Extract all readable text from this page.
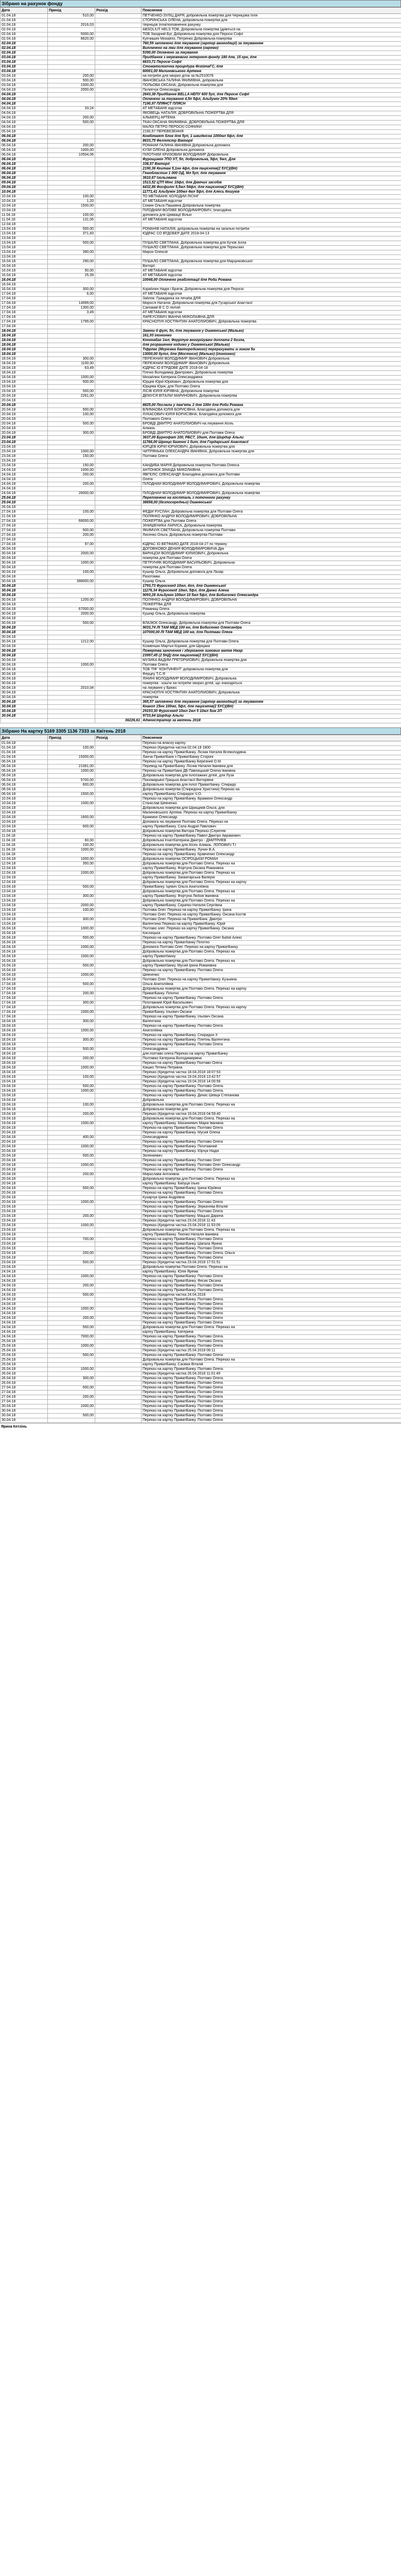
Зібрано на рахунок фонду
Дата	Прихід	Розхід	Пояснення
01.04.18	510,00		ПЕТЧЕНКО-ЗУЛІЦ ДАРЯ, добровільна пожертва для Черніцова Ілля
01.04.18			СТОРИНСЬКА ОЛЕНА, добровільна пожертва для
02.04.18	2016,03		Черніцов Ілля/поповнення рахунку
02.04.18			ABSOLIUT HELS ТОВ, Добровільна пожертва (дивіться на
02.04.18	5000,00		ТОВ Західний Буг, Добровільна пожертва для Пероскі Софії
02.04.18	8620,00		Купчишин Михайло, Петренко Добровільна пожертва
02.04.18			760,59 заплачено для лікування (зартор акомодації) за лікуванням
02.04.18			Виплачено на ліки для лікування (окремо)
02.04.18			5390,00 Оплачено за лікування
03.04.18			Придбання з мережевого інтернет-фонду 180 для, 15 грн, для
03.04.18			6633,71 Пероскі Софії
03.04.18			Стоматологічна процедура ФізійтаГС, для
03.04.18			60001,00 Малинівського Артема
03.04.18	200,00		на потреби для хворих діток за №2510078
03.04.18	500,00		ІВАНОВСЬКА ГАЛИНА ЯКИМІВНА, добровільна
03.04.18	1000,00		ПОЛЬОВА ОКСАНА, Добровільна пожертва для
04.04.18	2000,00		Пилипчук Олександра
04.04.18			2643,38 Придбання BELLA НЕПУ 600 5уп, для Пероскі Софії
04.04.18			Оплачено за лікування 4,5п 5фл, Альбумін 20% 50мл
04.04.18			7190,97 ПЛЯНСТ ПЛЯСН
04.04.18	33,24		АТ МЕТАБАНК відсотки
04.04.18			ЯКОВЕЦЬ НАТАЛІЯ, ДОБРОВІЛЬНА ПОЖЕРТВА ДЛЯ
04.04.18	200,00		АЛЬБЕРЦ АРТЕМА
04.04.18	500,00		ТКАЧ ОКСАНА ЯКИМІВНА, ДОБРОВІЛЬНА ПОЖЕРТВА ДЛЯ
04.04.18			МАЛОЇ ПЕТРО ПЕРОСКІ СОФІЙКИ
05.04.18			2190,57 ПЕРЕВЕЗЕННЯ
06.04.18			Комбіпакет блок для 5уп, 1 швидкісна 1000мл 5фл, для
06.04.18			8633,75 Фелліпстр Вікторії
06.04.18	200,00		РОМАНИ ГАЛИНА ІВАНІВНА Добровільна допомога
06.04.18	1000,00		КУЗИ ОЛЕНА Добровільна допомога
06.04.18	10504,06		ПІЛОТНИЙ КРИЗОВИЙ ВОЛОДИМИР Добровільна
06.04.18			Фурощимін 7ПО ХТ, 5п, добровільна, 5фл, 5мл, Для
06.04.18			338,57 Вікторії
06.04.18			2190,36 Кеитам 5,1нн 4фл, для пацієнтів(2 5УС)(ВН)
06.04.18			Гемобластин 1 000 ОД, Мл 5уп, для лікування
06.04.18			3610,67 Ізольована
09.04.18			1513,52 ЦТП Мінс 10фл, для Дівочих засобів
09.04.18			6432,86 Фосфолін 5,5мл 54фл, для пацієнтів(2 5УС)(ВН)
10.04.18			11771,41 Альбумін 100мл 4мл 5фл, для Алесь Кешуків
10.04.18	100,00		ТО МЕТАБАНК ХОЛОДИЙ ЛІСІНГ
10.04.18	1,20		АТ МЕТАБАНК відсотки
10.04.18	1500,00		Семин Ольга Пашківна Добровільна пожертва
10.04.18			ПІЛОДНИЙ ВОЛЗВЕ ВОЛОДИМИРОВИЧ, благодійна
11.04.18	100,00		допомога для Цімівації Вількі
11.04.18	131,06		АТ МЕТАБАНК відсотки
12.04.18			
13.04.18	500,00		РОМАНІВ НАТАЛІЯ, добровільна пожертва на загальні потреби
13.04.18	371,83		ЮДРАС СО ВТДОБЕР ДАТЕ 2018-04-13
13.04.18			
13.04.18	500,00		ПУШАЛО СВЕТЛАНА, Добровільна пожертва для Кучов Алла
13.04.18			ПУШАЛО СВЕТЛАНА, Добровільна пожертва для Терньских
13.04.18	390,00		Мирон Олексій
13.04.18			
16.04.18	290,00		ПУШАЛО СВЕТЛАНА, Добровільна пожертва для Марцінковської
16.04.18			Вікторії
16.04.18	50,00		АТ МЕТАБАНК відсотки
16.04.18	25,39		АТ МЕТАБАНК відсотки
16.04.18			10048,00 Оплачено реабілітації для Роби Романа
16.04.18			
16.04.18	300,00		Кораблин Надія і Братів, Добровільна пожертва для Пероскі
17.04.18	6,00		АТ МЕТАБАНК відсотки
17.04.18			Заблок. Гражданка на лечаба ДЛЯ
17.04.18	14999,00		Мирослі Наталія, Добровільна пожертва для Гусарської Анастасії
17.04.18	1300,00		Сапожкій В С О лютий
17.04.18	3,49		АТ МЕТАБАНК відсотки
17.04.18			ЛАРЕУСЕВИЧ ІВАННА МИКОЛАЇВНА ДЛЯ
17.04.18	1799,00		КРАСНОПУК КОСТЯНТИН АНАТОЛІЙОВИЧ, Добровільна пожертва
17.04.18			
18.04.18			Заміни 6 фут, 5п, для лікування у Ошмянської (Малько)
18.04.18			161,93 Ілоніонко
18.04.18			Кіннінабаг 1мл, Ферріпум вногрійувачі доплата 2 бозпа,
18.04.18			для розрашення ходимо у Ошмянської (Малько)
18.04.18			Тіфрпас (Мєрієвка бакторедимого) перерахувати зі гоком 5и
18.04.18			13000,00 бутл, для (Мостоєні) (Малько) (Ілоніонко)
18.04.18	300,00		ПЕРЕЖНИЙ ВОЛОДИМИР ІВАНОВИЧ Добровільна
18.04.18	1100,00		ПЕРЕЖНИЙ ВОЛОДИМИР ІВАНОВИЧ Добровільна
18.04.18	63,49		ЮДРАС ІО ЕТРДОВЕ ДАТЕ 2018-04-18
18.04.18			Плічко Володимир Дмитрович, Добровільна пожертва
18.04.18	1000,00		Михайлюк Катерина Олександрівна
19.04.18	500,00		Юрцев Юрій Юрійович, Добровільна пожертва для
19.04.18			Юрцева Юрія, для Полтаво Олега
19.04.18	500,00		ЛІСІВ ЮЛІЯ ЮРІЇВНА, Добровільна пожертва
20.04.18	2261,00		ДЕМУСЯ ВІТАЛІЙ МАРИНОВИЧ, Добровільна пожертва
20.04.18			
20.04.18			8825,00 Послали у пам'ять 2 дня 100п для Роби Романа
20.04.18	500,00		ВЛИМАОВА ЮЛІЯ БОРИСІВНА, Благодійна допомога для
20.04.18	100,00		ЛУКАСОВИЧ ЮЛІЯ БОРИСІВНА, Благодійна допомога для
20.04.18			Полтавого Олега
20.04.18	500,00		БРОВДІ ДМИТРО АНАТОЛІЙОВИЧ на лікування Аїсеь
20.04.18			Алмазь
20.04.18	300,00		БРОВДІ ДМИТРО АНАТОЛІЙОВИЧ для Полтави Олега
23.04.18			3637,00 Бурнофат 100, РБС7, 10шт, для Ширдир Альли
23.04.18			11766,00 Шрінцо бахенні 1 бит, для Гордарської Анастасії
23.04.18			ЮРЦЕВ ЮРІЙ ЮРІЙОВИЧ, Добровільна пожертва для
23.04.18	1000,00		ЧИТРЯНЬКА ОЛЕКСАНДРА ІВАНІВНА, Добровільна пожертва для
23.04.18	150,00		Полтави Олега
23.04.18			
23.04.18	150,00		КАНДИБА МАРІЯ Добровільна пожертва Полтава Олекса
24.04.18	1000,00		АНТОНЮК ЗІНАЇДА МИКОЛАЇВНА
24.04.18	200,00		ЯВГЕЛІС ОЛЕКСАНДР, Благодійна допомога для Полтави
24.04.18			Олега
24.04.18	200,00		ПІЛОДНИЙ ВОЛОДИМИР ВОЛОДИМИРОВИЧ, Добровільна пожертва
24.04.18			
24.04.18	26000,00		ПІЛОДНИЙ ВОЛОДИМИР ВОЛОДИМИРОВИЧ, Добровільна пожертва
25.04.18			Переплачено на госпіталь з поточного рахунку
25.04.18			38658,00 (безпосередньо) Ошмянської
26.04.18			
27.04.18	100,00		ФЕДІЙ РУСЛАН, Добровільна пожертва для Полтави Олега
21.04.18			ПОЛЯНКО АНДРІЙ ВОЛОДИМИРОВИЧ, ДОБРОВІЛЬНА
27.04.18	68000,00		ПОЖЕРТВА для Полтави Олега
27.04.18			ЗІНИШЕНИКА ЛАРИСА, Добровільна пожертва
27.04.18	500,00		ЯКИМЧУК СВЄТЛАНА, Добровільна пожертва Полтави
27.04.18	200,00		Лисенко Ольга, Добровільна пожертва Полтави
27.04.18			
27.04.18	97,00		ЮДРАС ІО ВЕТФАЯО ДАТЕ 2018-04-27 по терміну
30.04.18			ДОГОВІКОВОЇ ДЕНИЯ ВОЛОДИМИРОВИЧА Дрк
30.04.18	2000,00		ВАРНЦОЙ ВОЛОДИМИР ЮЛІЙОВИЧ, Добровільна
30.04.18			пожертва для Полтави Олега
30.04.18	1000,00		ПЕТРУНЯК ВОЛОДИМИР ВАСИЛЬОВИЧ, Добровільна
30.04.18			пожертва для Полтави Олега
30.04.18	100,00		Кушнір Ольга, Добровільна допомога для Лазар
30.04.18			Разотомки
30.04.18	398000,00		Кушнір Ольга
30.04.18			1793,73 Фуросемід 10мл, 4пл, для Ошмянської
30.04.18			11176,34 Фуросемід 10мл, 5фл, для Данко Алена
30.04.18			9093,28 Альбумін 100мл 10 5мл 5фл, для Бобисенко Олександра
30.04.18	1200,00		ПОЛЯНКО АНДРІЙ ВОЛОДИМИРОВИЧ, ДОБРОВІЛЬНА
30.04.18			ПОЖЕРТВА ДЛЯ
30.04.18	67000,00		Романиці Олега
30.04.18	2000,00		Кушнір Ольга, Добровільна пожертва
30.04.18			
30.04.18	500,00		ВЛАЗЮК Олександр, Добровільна пожертва для Полтави Олега
30.04.18			9033,74 ЛІ ТАМ МЕД 100 мг, для Бобисенко Олександра
30.04.18			107000,00 ЛІ ТАМ МЕД 100 мг, для Полтави Олега
30.04.18			
30.04.18	1212,00		Кушнір Ольга, Добровільна пожертва для Полтави Олега
30.04.18			Козменшкі Мартья Кориків, для Шріцака
30.04.18			Пожертва заночення і зберігання зимових матів Нікар
30.04.18			23997,45 (2 5НД) для пацієнтів(2 5УС)(ВН)
30.04.18			МУЗИКА ВАДИМ ГРЕГОРІЙОВИЧ, Добровільна пожертва для
30.04.18	1000,00		Полтави Олега
30.04.18			ТОВ 'ПФ' 'КОНТИНЕНТ' добровільна пожертва для
30.04.18			Ферцеу Т.С.Я
30.04.18			ЛІНИНІ ВОЛОДИМИР ВОЛОДИМИРОВИЧ, Добровільна
30.04.18			пожертва - кошти на потреби хворих дітей, що знаходяться
30.04.18	2010,04		на лікуванні у Брюкс
30.04.18			КРАСНОПУК КОСТЯНТИН АНАТОЛІЙОВИЧ, Добровільна
30.04.18			пожертва
30.04.18			365,57 заплачено для лікування (зартор акомодації) за лікуванням
30.04.18			Коакоп 15нн 100мг, 5фл, для пацієнтів(2 5УС)(ВН)
30.04.18			29193,30 Фуросемід 10мл 2мл 5 10мл 5ом 2П
30.04.18			9733,64 Ширдир Альли
		36226,61	Адміністратор за квітень 2018
Зібрано На картку 5169 3305 1136 7333 за Квітень 2018
Дата	Прихід	Розхід	Пояснення
01.04.18			Переказ на власну картку
01.04.18	100,00		Переказ (Кредитна частка 02.04.18 1800
01.04.18			Переказ на картку ПриватБанку. Лісник Наталія Всеволодівна
01.04.18	15000,00		Ланча ПриватБанк з ПриватБанку Стороні
06.04.18			Переказ на картку ПриватБанку Березний О.М.
06.04.18	21061,00		Перевод на ПриватБанку. Лісник Наталія Іванівна для
06.04.18	1000,00		Переказ на Приватбанк ДБ Павлицький Олена Іванівна
06.04.18			Добровільна пожертва для пілотажних дітей, для Лузи
06.04.18	5700,00		Пономарьвої Грицька Анастасії Вікторівни
06.04.18	600,00		Добровільна пожертва для пілот Приватбанку. Спиридо
06.04.18			Добровільна пожертва (Спиридона Христини) Переказ на
06.04.18	1500,00		картку ПриватБанку Спиридон Ч.О.
10.04.18			Переказ на картку ПриватБанку. Бражмон Олександр
10.04.18	1000,00		Станіслав Шевченко
10.04.18			Добровільна пожертва для Шрищиків Ольга, для
10.04.18			Малиновського Артема. Переказ на картку ПриватБанку
10.04.18	1600,00		Бражмон Олександр
10.04.18			Допомога на лікування Полтаво Олега. Переказ на
10.04.18	600,00		картку ПриватБанку. Сала Андрій Павлович
10.04.18			Добровільна пожертва Віктора Переказ (Серегеві
11.04.18			Переказ на картку ПриватБанку Павел Дмитро Аврамович
11.04.18	60,00		Добровільна Ігнат/Катерина Дмитро - ДМИТРИЕВ
11.04.18	100,00		Добровільна пожертва для Аїсеь Алмазь. ЛОПОВИЧ Т.І
11.04.18	1000,00		Переказ на картку ПриватБанку. Лунин В.А.
11.04.18			Переказ на картку ПриватБанку. Кравченко Олександр
12.04.18	1000,00		Добровільна пожертва ОСІРОЦЬКІЙ РОМАН
12.04.18	350,00		Добровільна пожертва для Полтаво Олега. Переказ на
12.04.18			картку ПриватБанку. Фортуна Оксана Романівна
12.04.18	1000,00		Добровільна пожертва для Полтаво Олега. Переказ на
12.04.18			картку ПриватБанку. Захватарська Валерія
12.04.18			Добровільна пожертва для Полтаво Олега. Переказ на картку
13.04.18	500,00		ПриватБанку. Іцевич Ольга Анатоліївна
13.04.18			Добровільна пожертва для Полтаво Олега. Переказ на
13.04.18	300,00		картку ПриватБанку. Фортуна Любов Іванівна
13.04.18			Добровільна пожертва для Полтаво Олега. Переказ на
13.04.18	2000,00		картку ПриватБанку. Скрипко Наталія Сергіївна
13.04.18	100,00		Полтава Олег. Переказ на картку ПриватБанку. Ірина
13.04.18			Полтаво Олег. Переказ на картку ПриватБанку. Оксана Костів
13.04.18	300,00		Полтаво Олег. Переказ на ПриватБанк. Дмитро
13.04.18			Валентина Переказ на картку ПриватБанку. Юрій
16.04.18	1000,00		Полтаво олег. Переказ на картку ПриватБанку. Оксана
16.04.18			Кислицька
16.04.18	500,00		Переказ на картку ПриватБанку. Полтаво Олег Бабій Алекс
16.04.18			Переказ на картку Приватбанку Пілотно
16.04.18	1000,00		Допомога Полтаво Олег. Переказ на картку ПриватБанку
16.04.18			Добровільна пожертва для Полтаво Олега. Переказ на
16.04.18	1000,00		картку Приватбанку
16.04.18			Добровільна пожертва для Полтаво Олега. Переказ на
16.04.18	500,00		картку Приватбанку. Мусий Ірина Романівна
16.04.18			Переказ на картку ПриватБанку. Полтаво Олега
16.04.18	1000,00		Шевченко
16.04.18			Полтаво Олег. Переказ на картку Приватбанку. Кузьміна
17.04.18	500,00		Ольга Анатоліївна
17.04.18			Добровільна пожертва для Полтаво Олега. Переказ на картку
17.04.18	200,00		ПриватБанку. Пілотко
17.04.18			Переказ на картку ПриватБанку. Полтаво Олега
17.04.18	300,00		Пілотажний Юрій Васильович
17.04.18			Добровільна пожертва для Полтаво Олега. Переказ на картку
17.04.18	1000,00		ПриватБанку. Ільєвич Оксана
17.04.18			Переказ на картку ПриватБанку. Ільєвич Оксана
18.04.18	300,00		Валентина
18.04.18			Переказ на картку ПриватБанку. Полтаво Олега
18.04.18	1000,00		Анатоліївна
18.04.18			Переказ на картку ПриватБанку. Спиридон Х
18.04.18	300,00		Переказ на картку ПриватБанку. Плетінь Валентина
18.04.18			Переказ на картку ПриватБанку. Полтаво Олега
18.04.18	500,00		Олександрівна
18.04.18			для полтаво олега Переказ на картку ПриватБанку
18.04.18	200,00		Полтавко Катерина Володимирівна
18.04.18			Переказ на картку ПриватБанку Полтаво Олега
18.04.18	1000,00		Кіяшко Тетяна Петрівна
18.04.18			Переказ (Кредитна частка 18.04.2018 18:07:53
19.04.18	100,00		Переказ (Кредитна частка 19.04.2018 13:42:57
19.04.18			Переказ (Кредитна частка 19.04.2018 14:00:56
19.04.18	500,00		Переказ на картку ПриватБанку. Полтаво Олега.
19.04.18	1000,00		Переказ на картку ПриватБанку. Полтаво Олега.
19.04.18			Переказ на картку ПриватБанку. Денис Шевця Степанова
19.04.18			Добровільна
19.04.18	100,00		Добровільна пожертва для Полтаво Олега. Переказ на
19.04.18			Добровільна пожертва для
19.04.18	200,00		Переказ (Кредитна частка 19.04.2018 04:59:40
19.04.18			Добровільна пожертва для Полтаво Олега. Переказ на
19.04.18	1000,00		картку ПриватБанку. Маханкевич Марія Іванівна
20.04.18			Переказ на картку ПриватБанку. Полтаво Олега
20.04.18			Переказ на картку ПриватБанку. Мусий Олена
20.04.18	400,00		Олександрівна
20.04.18			Переказ на картку ПриватБанку. Полтаво Олега
20.04.18	1000,00		Переказ на картку ПриватБанку. Пілотажний
20.04.18			Переказ на картку ПриватБанку. Юрчук Надія
20.04.18	500,00		Зеленкевич
20.04.18			Переказ на картку ПриватБанку. Полтаво Олег
20.04.18	1000,00		Переказ на картку ПриватБанку. Полтаво Олег Олександр
20.04.18			Переказ на картку ПриватБанку. Полтаво Олега
20.04.18	200,00		Мирослава Антонівна
20.04.18			Добровільна пожертва для Полтаво Олега. Переказ на
20.04.18			картку ПриватБанку. Бабуця Ілько
20.04.18	500,00		Переказ на картку ПриватБанку. Ірина Юріївна
20.04.18			Переказ на картку ПриватБанку. Полтаво Олега
20.04.18			Кухарчук Ірина Андріївна
20.04.18	1000,00		Переказ на картку ПриватБанку. Полтаво Олега
23.04.18			Переказ на картку ПриватБанку. Зеркачева Віталій
23.04.18			Переказ на картку ПриватБанку. Полтаво Олега
23.04.18	200,00		Переказ на картку Приватбанку. Мацько Дарина
23.04.18			Переказ (Кредитна частка 23.04.2018 11:43
23.04.18	1000,00		Переказ (Кредитна частка 23.04.2018 11:53:09
23.04.18			Добровільна пожертва для Полтаво Олега. Переказ на
23.04.18			картку ПриватБанку. Тюєнко Наталія Іванівна
23.04.18	700,00		Переказ на картку ПриватБанку. Полтаво Олега
23.04.18			Переказ на картку ПриватБанку. Шагала Ярина
23.04.18			Переказ на картку ПриватБанку. Полтаво Олега
23.04.18	200,00		Переказ на картку ПриватБанку. Полтаво Олега. Ольга
23.04.18			Переказ на картку ПриватБанку. Полтаво Олега
23.04.18	500,00		Переказ (Кредитна частка 23.04.2018 17:51:51
23.04.18			Добровільна пожертва Полтаво Олега. Переказ на
24.04.18			картку ПриватБанку. Юлія Ярема
24.04.18	1000,00		Переказ на картку ПриватБанку. Полтаво Олега
24.04.18			Переказ на картку ПриватБанку. Фесик Оксана
24.04.18	200,00		Переказ на картку ПриватБанку. Полтаво Олега
24.04.18			Переказ на картку ПриватБанку. Полтаво Олега.
24.04.18	500,00		Переказ (Кредитна частка 24.04.2018
24.04.18			Переказ на картку ПриватБанку. Полтаво Олега.
24.04.18			Переказ на картку ПриватБанку. Полтаво Олега
24.04.18	1000,00		Переказ на картку ПриватБанку. Полтаво Олега
24.04.18			Переказ на картку ПриватБанку. Полтаво Олега
24.04.18	200,00		Переказ на картку ПриватБанку. Полтаво Олега
24.04.18			Переказ на картку ПриватБанку. Полтаво Олега
24.04.18	500,00		Добровільна пожертва для Полтаво Олега. Переказ на
24.04.18			картку ПриватБанку. Катерина
24.04.18	7000,00		Переказ на картку ПриватБанку. Полтаво Олега.
25.04.18			Переказ на картку ПриватБанку. Полтаво Олега
25.04.18	1000,00		Переказ на картку ПриватБанку. Полтаво Олега
25.04.18			Переказ (Кредитна частка 25.04.2018 06:11
25.04.18	500,00		Переказ на картку ПриватБанку. Полтаво Олега
25.04.18			Добровільна пожертва для Полтаво Олега. Переказ на
25.04.18			картку ПриватБанку. Сасвюк Віталій
26.04.18	1000,00		Переказ на картку ПриватБанку. Полтаво Олега.
26.04.18			Переказ (Кредитна частка 26.04.2018 11:01:49
26.04.18	300,00		Переказ на картку ПриватБанку. Полтаво Олега.
26.04.18			Переказ на картку ПриватБанку. Полтаво Олега
27.04.18	500,00		Переказ на картку ПриватБанку. Полтаво Олега
27.04.18			Переказ на картку ПриватБанку. Полтаво Олега
27.04.18	200,00		Переказ на картку ПриватБанку. Полтаво Олега
27.04.18			Переказ на картку ПриватБанку. Полтаво Олега
30.04.18	1000,00		Переказ на картку ПриватБанку. Полтаво Олега
30.04.18			Переказ на картку ПриватБанку. Полтаво Олега
30.04.18	500,00		Переказ на картку ПриватБанку. Полтаво Олега
30.04.18			Переказ на картку ПриватБанку. Полтаво Олега
Ярина Кетлінь
